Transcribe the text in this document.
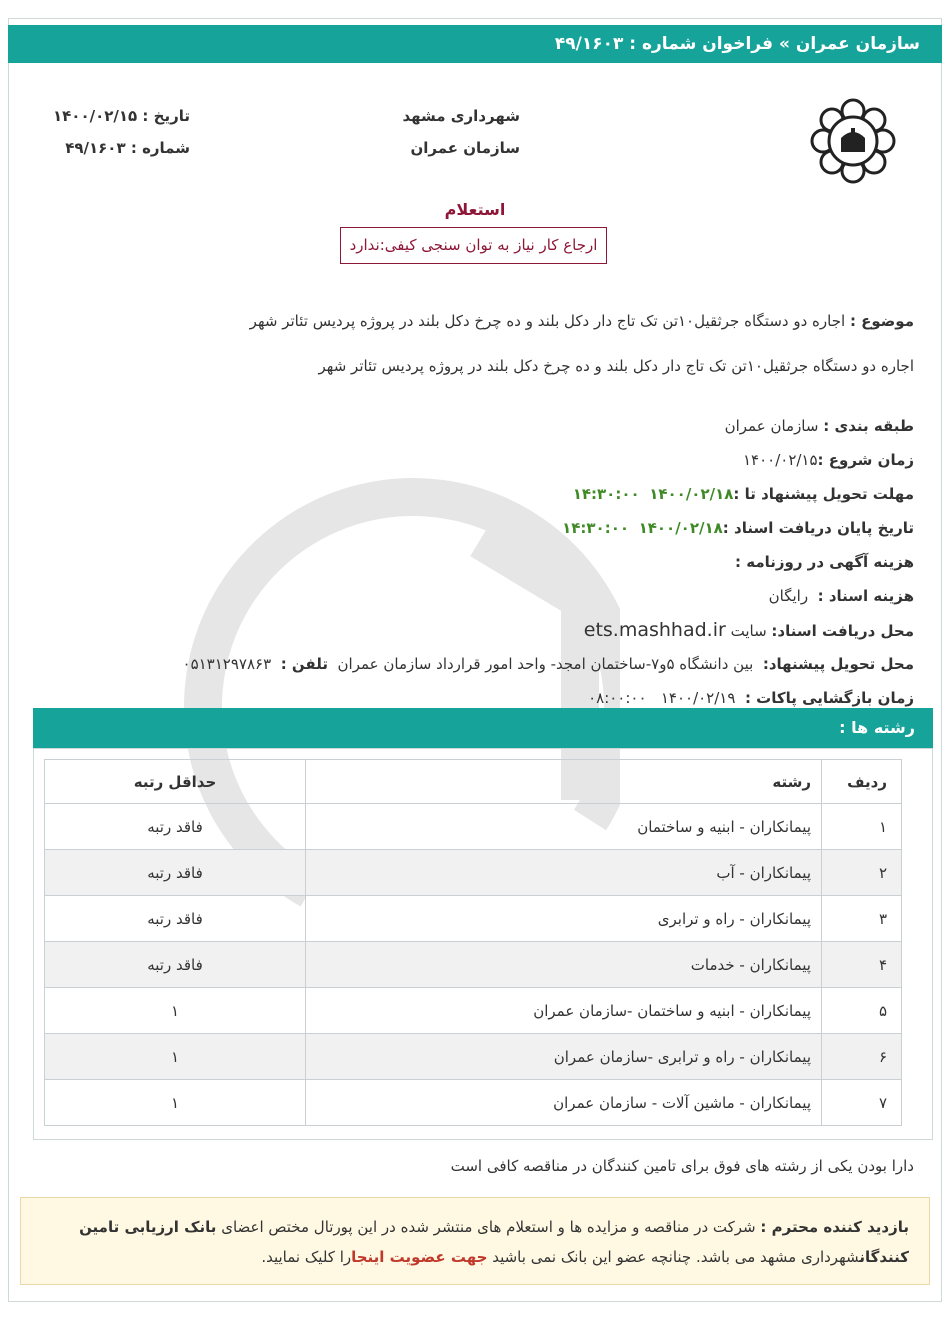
سازمان عمران » فراخوان شماره : ۴۹/۱۶۰۳
شهرداری مشهد
سازمان عمران
تاریخ : ۱۴۰۰/۰۲/۱۵
شماره : ۴۹/۱۶۰۳
استعلام
ارجاع کار نیاز به توان سنجی کیفی:ندارد
موضوع : اجاره دو دستگاه جرثقیل۱۰تن تک تاج دار دکل بلند و ده چرخ دکل بلند در پروژه پردیس تئاتر شهر
اجاره دو دستگاه جرثقیل۱۰تن تک تاج دار دکل بلند و ده چرخ دکل بلند در پروژه پردیس تئاتر شهر
طبقه بندی : سازمان عمران
زمان شروع :۱۴۰۰/۰۲/۱۵
مهلت تحویل پیشنهاد تا :۱۴۰۰/۰۲/۱۸  ۱۴:۳۰:۰۰
تاریخ پایان دریافت اسناد :۱۴۰۰/۰۲/۱۸  ۱۴:۳۰:۰۰
هزینه آگهی در روزنامه :
هزینه اسناد :  رایگان
محل دریافت اسناد: سایت ets.mashhad.ir
محل تحویل پیشنهاد:  بین دانشگاه ۵و۷-ساختمان امجد- واحد امور قرارداد سازمان عمران  تلفن :  ۰۵۱۳۱۲۹۷۸۶۳
زمان بازگشایی پاکات :  ۱۴۰۰/۰۲/۱۹   ۰۸:۰۰:۰۰
رشته ها :
ردیف	رشته	حداقل رتبه
۱	پیمانکاران - ابنیه و ساختمان	فاقد رتبه
۲	پیمانکاران - آب	فاقد رتبه
۳	پیمانکاران - راه و ترابری	فاقد رتبه
۴	پیمانکاران - خدمات	فاقد رتبه
۵	پیمانکاران - ابنیه و ساختمان -سازمان عمران	۱
۶	پیمانکاران - راه و ترابری -سازمان عمران	۱
۷	پیمانکاران - ماشین آلات - سازمان عمران	۱
دارا بودن یکی از رشته های فوق برای تامین کنندگان در مناقصه کافی است
بازدید کننده محترم : شرکت در مناقصه و مزایده ها و استعلام های منتشر شده در این پورتال مختص اعضای بانک ارزیابی تامین کنندگانشهرداری مشهد می باشد. چنانچه عضو این بانک نمی باشید جهت عضویت اینجارا کلیک نمایید.
